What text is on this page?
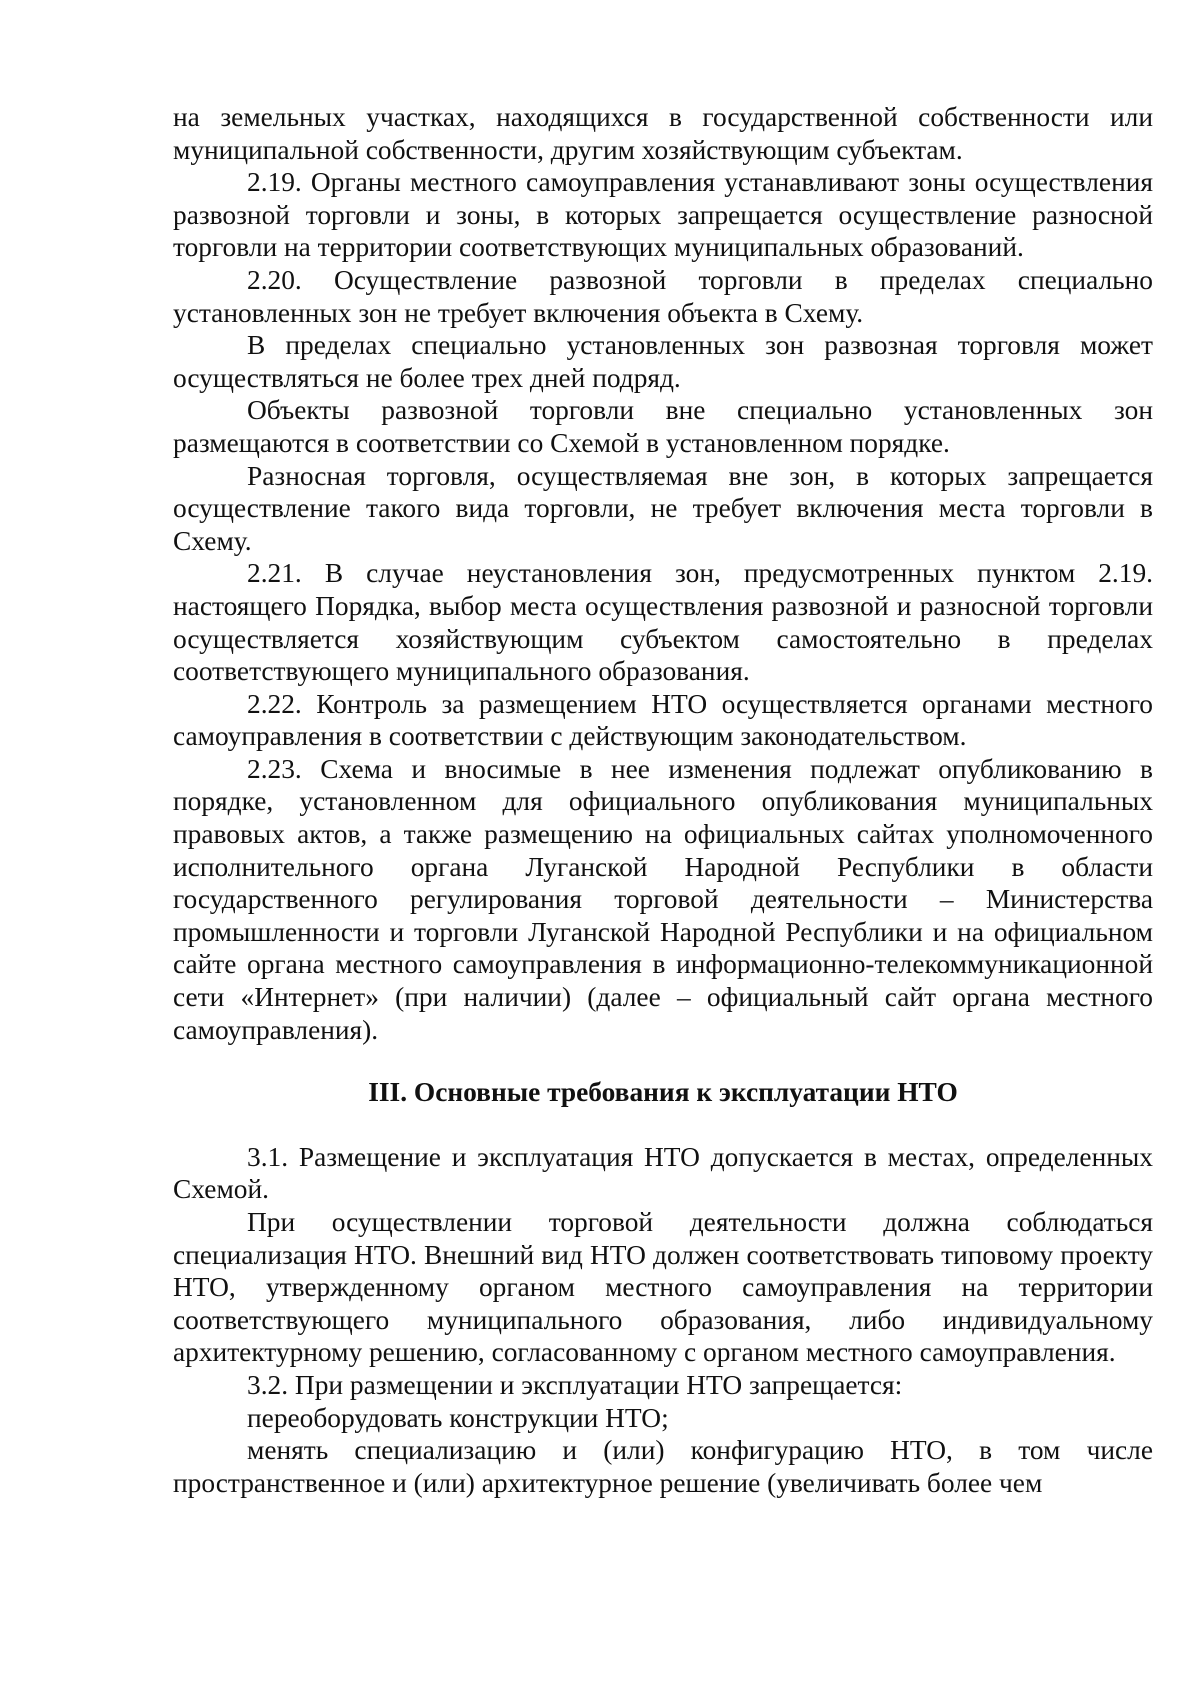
на земельных участках, находящихся в государственной собственности или муниципальной собственности, другим хозяйствующим субъектам.

2.19. Органы местного самоуправления устанавливают зоны осуществления развозной торговли и зоны, в которых запрещается осуществление разносной торговли на территории соответствующих муниципальных образований.

2.20. Осуществление развозной торговли в пределах специально установленных зон не требует включения объекта в Схему.

В пределах специально установленных зон развозная торговля может осуществляться не более трех дней подряд.

Объекты развозной торговли вне специально установленных зон размещаются в соответствии со Схемой в установленном порядке.

Разносная торговля, осуществляемая вне зон, в которых запрещается осуществление такого вида торговли, не требует включения места торговли в Схему.

2.21. В случае неустановления зон, предусмотренных пунктом 2.19. настоящего Порядка, выбор места осуществления развозной и разносной торговли осуществляется хозяйствующим субъектом самостоятельно в пределах соответствующего муниципального образования.

2.22. Контроль за размещением НТО осуществляется органами местного самоуправления в соответствии с действующим законодательством.

2.23. Схема и вносимые в нее изменения подлежат опубликованию в порядке, установленном для официального опубликования муниципальных правовых актов, а также размещению на официальных сайтах уполномоченного исполнительного органа Луганской Народной Республики в области государственного регулирования торговой деятельности – Министерства промышленности и торговли Луганской Народной Республики и на официальном сайте органа местного самоуправления в информационно-телекоммуникационной сети «Интернет» (при наличии) (далее – официальный сайт органа местного самоуправления).

III. Основные требования к эксплуатации НТО

3.1. Размещение и эксплуатация НТО допускается в местах, определенных Схемой.

При осуществлении торговой деятельности должна соблюдаться специализация НТО. Внешний вид НТО должен соответствовать типовому проекту НТО, утвержденному органом местного самоуправления на территории соответствующего муниципального образования, либо индивидуальному архитектурному решению, согласованному с органом местного самоуправления.

3.2. При размещении и эксплуатации НТО запрещается:

переоборудовать конструкции НТО;

менять специализацию и (или) конфигурацию НТО, в том числе пространственное и (или) архитектурное решение (увеличивать более чем
